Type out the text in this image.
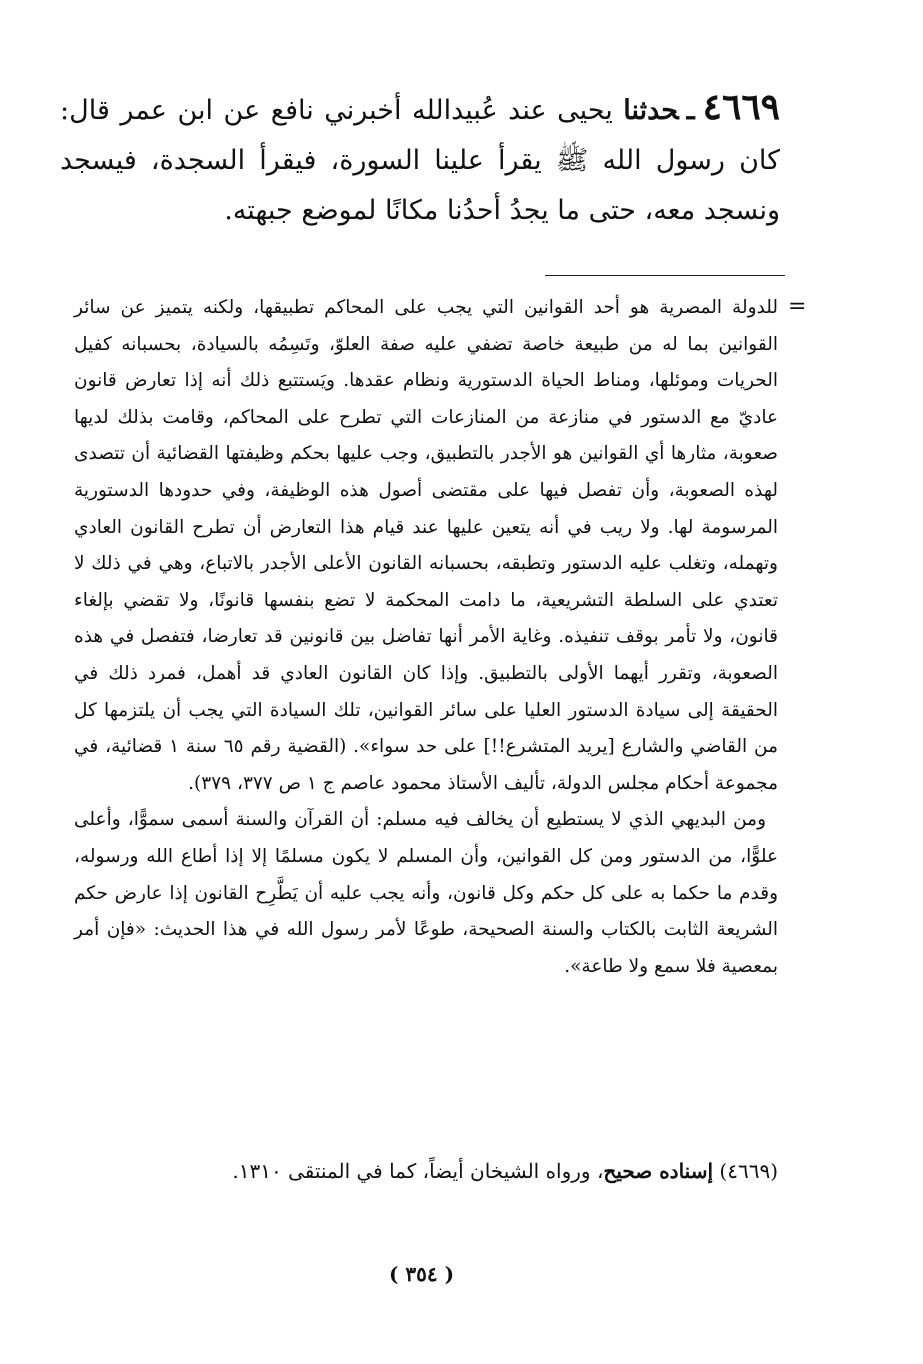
٤٦٦٩ـحدثنا يحيى عند عُبيدالله أخبرني نافع عن ابن عمر قال: كان رسول الله ﷺ يقرأ علينا السورة، فيقرأ السجدة، فيسجد ونسجد معه، حتى ما يجدُ أحدُنا مكانًا لموضع جبهته.
=

للدولة المصرية هو أحد القوانين التي يجب على المحاكم تطبيقها، ولكنه يتميز عن سائر القوانين بما له من طبيعة خاصة تضفي عليه صفة العلوّ، وتَسِمُه بالسيادة، بحسبانه كفيل الحريات وموئلها، ومناط الحياة الدستورية ونظام عقدها. ويَستتبع ذلك أنه إذا تعارض قانون عاديّ مع الدستور في منازعة من المنازعات التي تطرح على المحاكم، وقامت بذلك لديها صعوبة، مثارها أي القوانين هو الأجدر بالتطبيق، وجب عليها بحكم وظيفتها القضائية أن تتصدى لهذه الصعوبة، وأن تفصل فيها على مقتضى أصول هذه الوظيفة، وفي حدودها الدستورية المرسومة لها. ولا ريب في أنه يتعين عليها عند قيام هذا التعارض أن تطرح القانون العادي وتهمله، وتغلب عليه الدستور وتطبقه، بحسبانه القانون الأعلى الأجدر بالاتباع، وهي في ذلك لا تعتدي على السلطة التشريعية، ما دامت المحكمة لا تضع بنفسها قانونًا، ولا تقضي بإلغاء قانون، ولا تأمر بوقف تنفيذه. وغاية الأمر أنها تفاضل بين قانونين قد تعارضا، فتفصل في هذه الصعوبة، وتقرر أيهما الأولى بالتطبيق. وإذا كان القانون العادي قد أهمل، فمرد ذلك في الحقيقة إلى سيادة الدستور العليا على سائر القوانين، تلك السيادة التي يجب أن يلتزمها كل من القاضي والشارع [يريد المتشرع!!] على حد سواء». (القضية رقم ٦٥ سنة ١ قضائية، في مجموعة أحكام مجلس الدولة، تأليف الأستاذ محمود عاصم ج ١ ص ٣٧٧، ٣٧٩).

ومن البديهي الذي لا يستطيع أن يخالف فيه مسلم: أن القرآن والسنة أسمى سموًّا، وأعلى علوًّا، من الدستور ومن كل القوانين، وأن المسلم لا يكون مسلمًا إلا إذا أطاع الله ورسوله، وقدم ما حكما به على كل حكم وكل قانون، وأنه يجب عليه أن يَطَّرِح القانون إذا عارض حكم الشريعة الثابت بالكتاب والسنة الصحيحة، طوعًا لأمر رسول الله في هذا الحديث: «فإن أمر بمعصية فلا سمع ولا طاعة».

(٤٦٦٩) إسناده صحيح، ورواه الشيخان أيضاً، كما في المنتقى ١٣١٠.
( ٣٥٤ )
